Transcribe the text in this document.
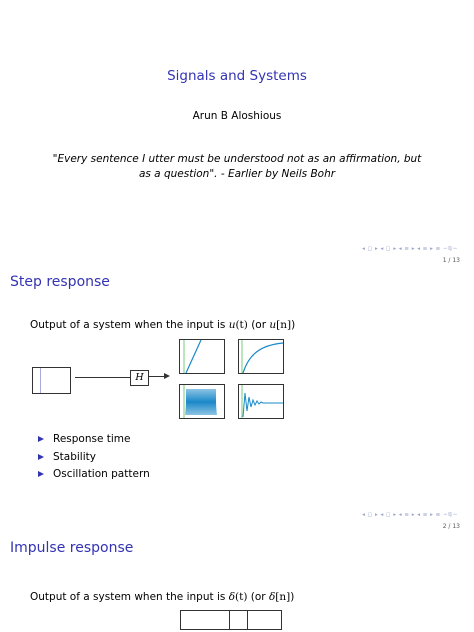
Signals and Systems
Arun B Aloshious
"Every sentence I utter must be understood not as an affirmation, but as a question". - Earlier by Neils Bohr
◂ ◻ ▸ ◂ ◻ ▸ ◂ ≡ ▸ ◂ ≡ ▸ ≡ ∽ℚ∼
1 / 13
Step response
Output of a system when the input is u(t) (or u[n])
H
Response time
Stability
Oscillation pattern
◂ ◻ ▸ ◂ ◻ ▸ ◂ ≡ ▸ ◂ ≡ ▸ ≡ ∽ℚ∼
2 / 13
Impulse response
Output of a system when the input is δ(t) (or δ[n])
